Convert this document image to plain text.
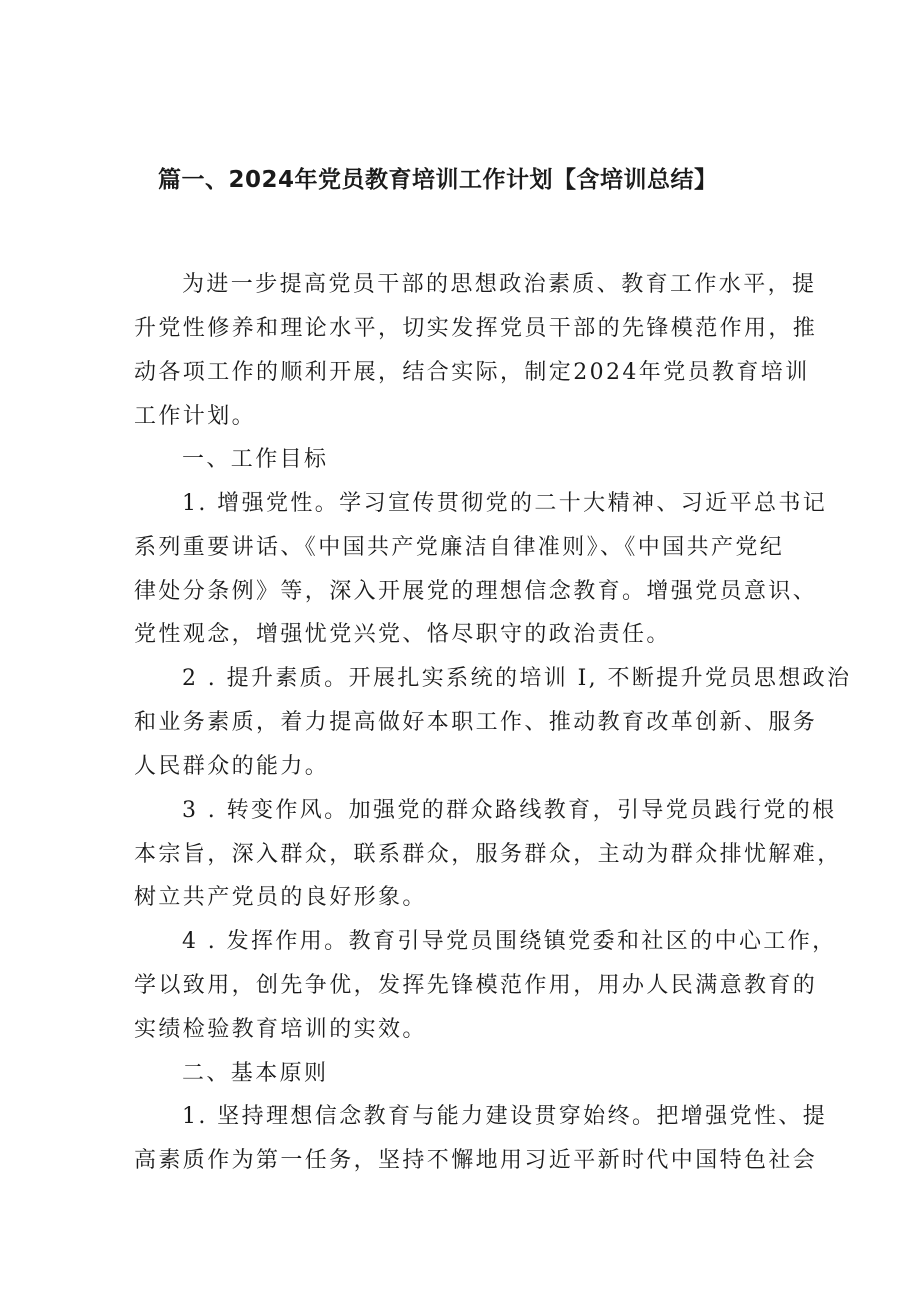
篇一、2024年党员教育培训工作计划【含培训总结】
为进一步提高党员干部的思想政治素质、教育工作水平，提
升党性修养和理论水平，切实发挥党员干部的先锋模范作用，推
动各项工作的顺利开展，结合实际，制定2024年党员教育培训
工作计划。
一、工作目标
1. 增强党性。学习宣传贯彻党的二十大精神、习近平总书记
系列重要讲话、《中国共产党廉洁自律准则》、《中国共产党纪
律处分条例》等，深入开展党的理想信念教育。增强党员意识、
党性观念，增强忧党兴党、恪尽职守的政治责任。
2 . 提升素质。开展扎实系统的培训 I, 不断提升党员思想政治
和业务素质，着力提高做好本职工作、推动教育改革创新、服务
人民群众的能力。
3 . 转变作风。加强党的群众路线教育，引导党员践行党的根
本宗旨，深入群众，联系群众，服务群众，主动为群众排忧解难，
树立共产党员的良好形象。
4 . 发挥作用。教育引导党员围绕镇党委和社区的中心工作，
学以致用，创先争优，发挥先锋模范作用，用办人民满意教育的
实绩检验教育培训的实效。
二、基本原则
1. 坚持理想信念教育与能力建设贯穿始终。把增强党性、提
高素质作为第一任务，坚持不懈地用习近平新时代中国特色社会
